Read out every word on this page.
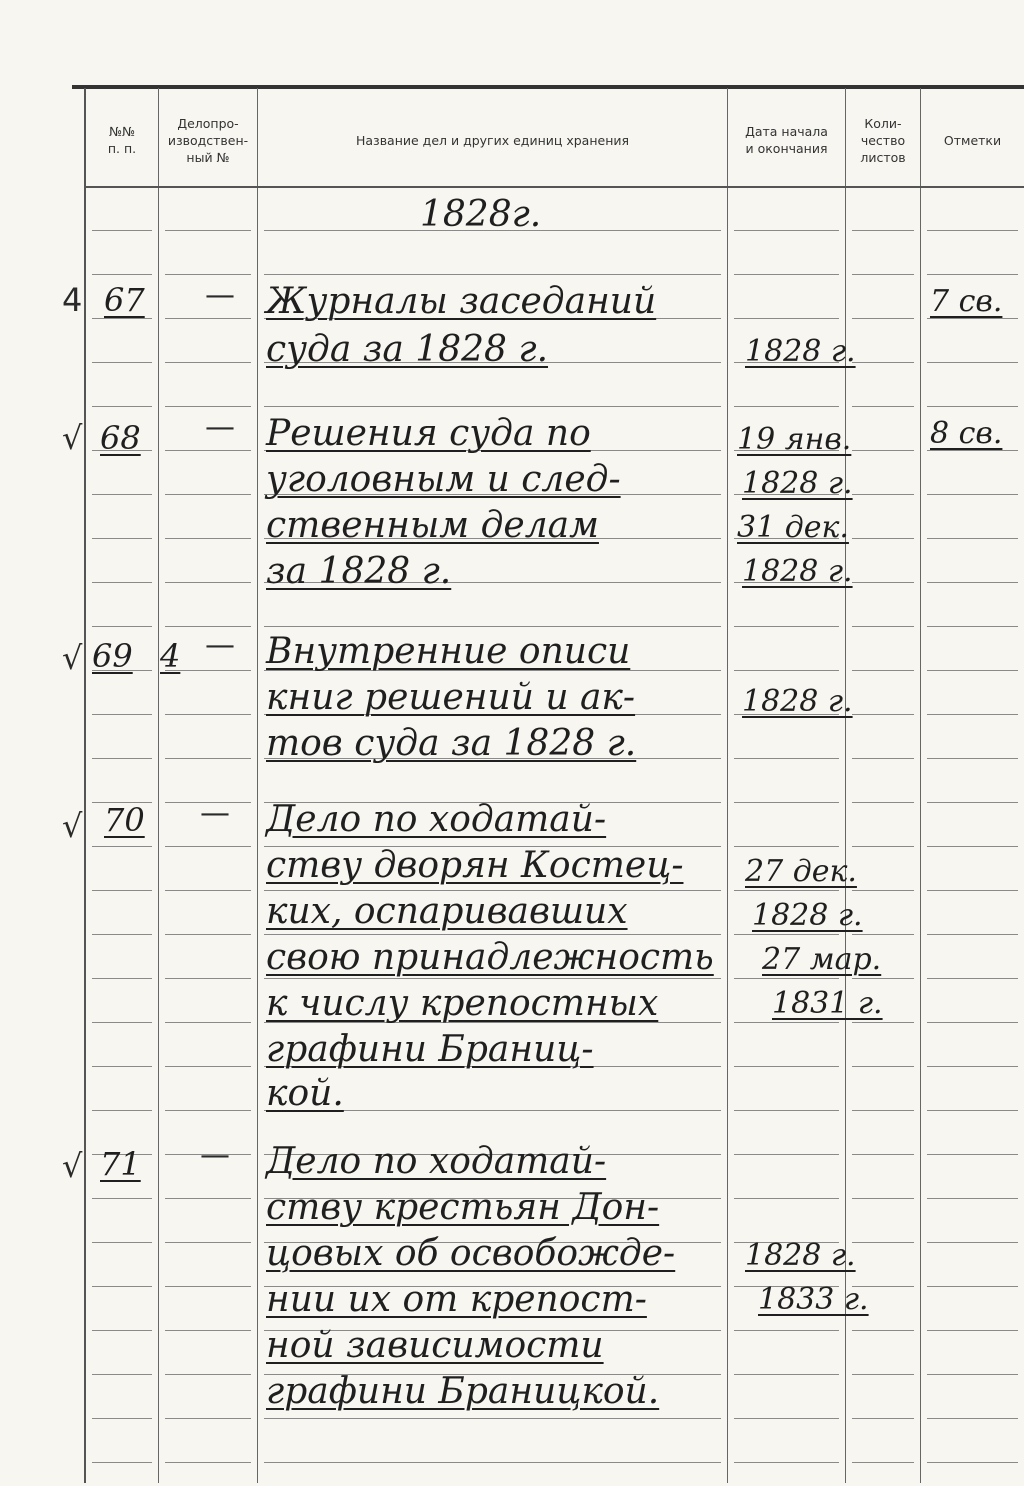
№№
п. п.
Делопро-
изводствен-
ный №
Название дел и других единиц хранения
Дата начала
и окончания
Коли-
чество
листов
Отметки
1828г.
4 67 — Журналы заседаний
суда за 1828 г.	1828 г.
7 св.
√ 68 — Решения суда по
уголовным и след-
ственным делам
за 1828 г.
19 янв.
1828 г.
31 дек.
1828 г.
8 св.
√ 69 4 — Внутренние описи
книг решений и ак-
тов суда за 1828 г.
1828 г.
√ 70 — Дело по ходатай-
ству дворян Костец-
ких, оспаривавших
свою принадлежность
к числу крепостных
графини Браниц-
кой.
27 дек.
1828 г.
27 мар.
1831 г.
√ 71 — Дело по ходатай-
ству крестьян Дон-
цовых об освобожде-
нии их от крепост-
ной зависимости
графини Браницкой.
1828 г.
1833 г.
